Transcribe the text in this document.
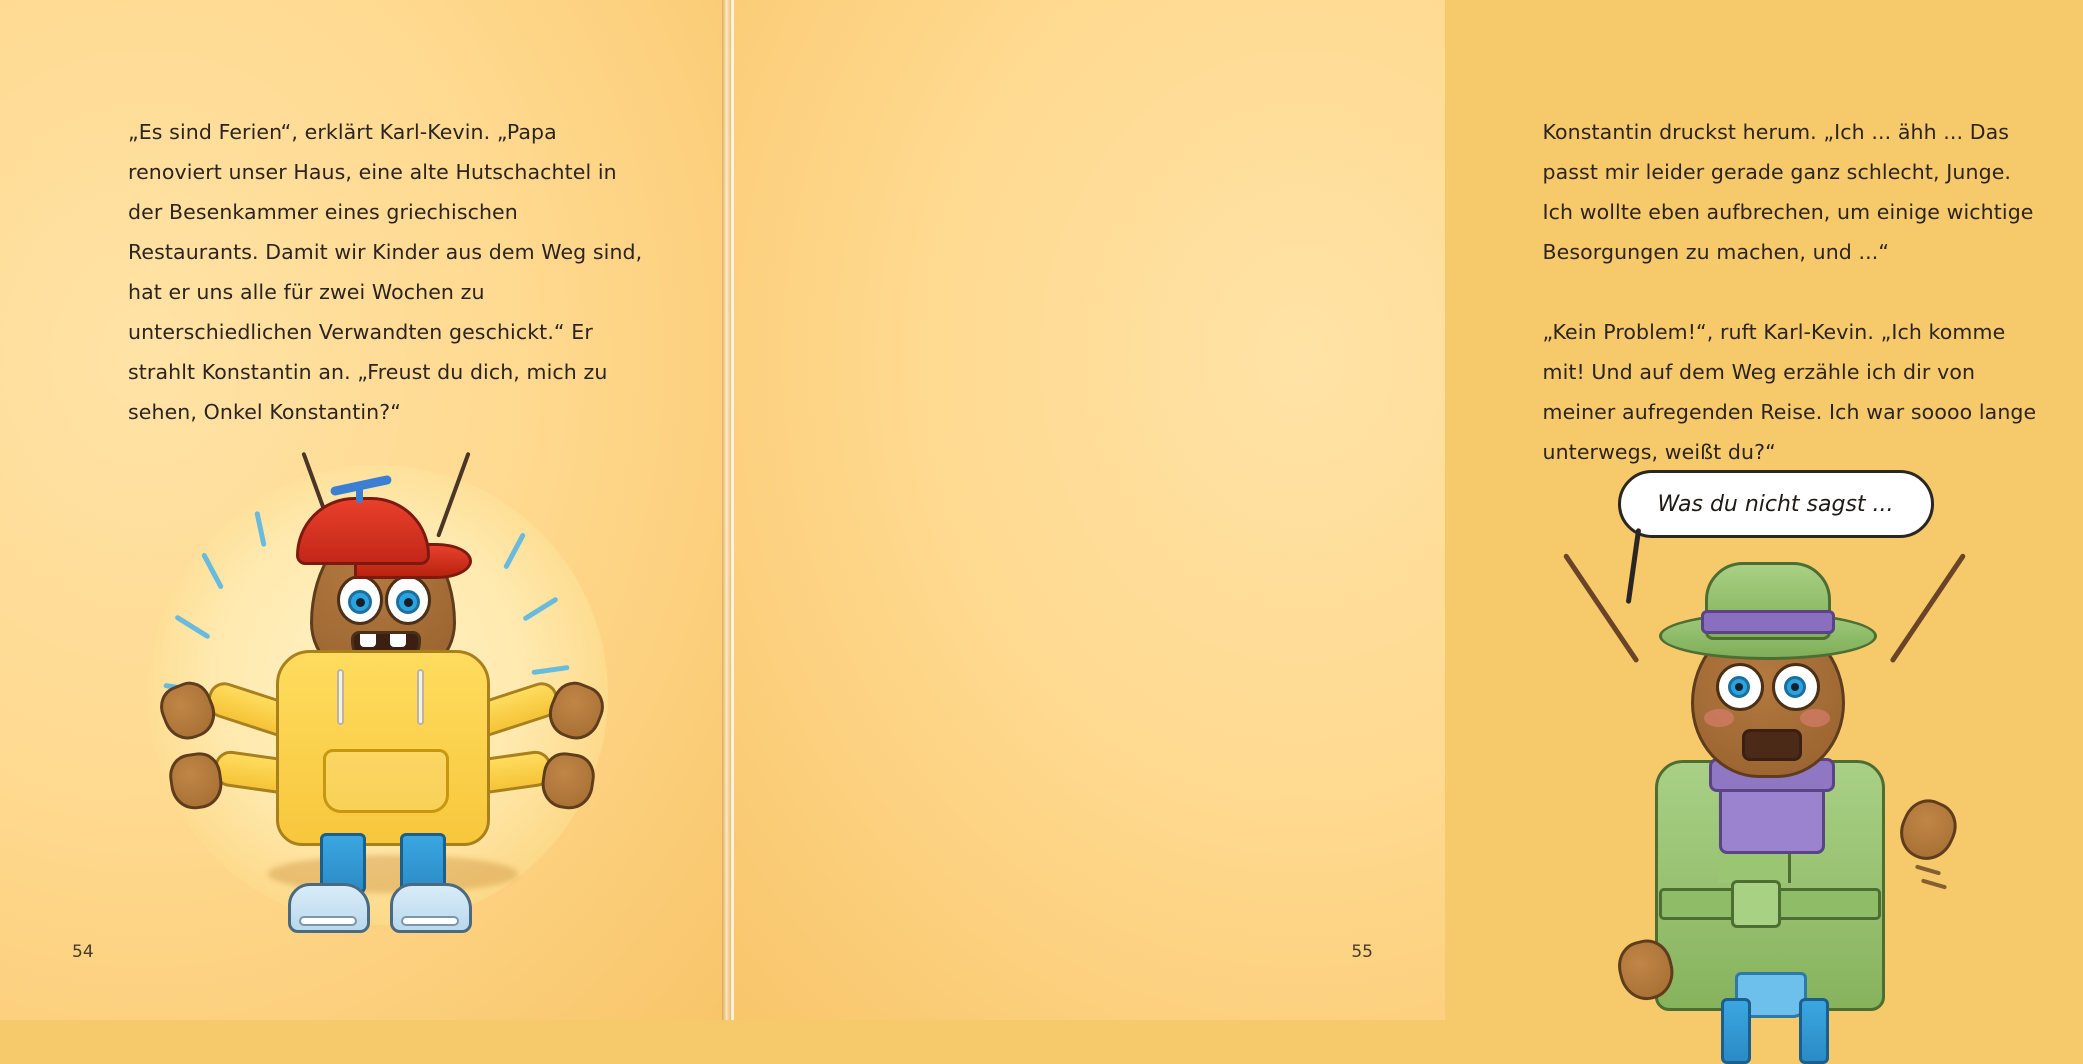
„Es sind Ferien“, erklärt Karl-Kevin. „Papa renoviert unser Haus, eine alte Hutschachtel in der Besenkammer eines griechischen Restaurants. Damit wir Kinder aus dem Weg sind, hat er uns alle für zwei Wochen zu unterschiedlichen Verwandten geschickt.“ Er strahlt Konstantin an. „Freust du dich, mich zu sehen, Onkel Konstantin?“

54

Konstantin druckst herum. „Ich ... ähh ... Das passt mir leider gerade ganz schlecht, Junge. Ich wollte eben aufbrechen, um einige wichtige Besorgungen zu machen, und ...“

„Kein Problem!“, ruft Karl-Kevin. „Ich komme mit! Und auf dem Weg erzähle ich dir von meiner aufregenden Reise. Ich war soooo lange unterwegs, weißt du?“

Was du nicht sagst ...
55
